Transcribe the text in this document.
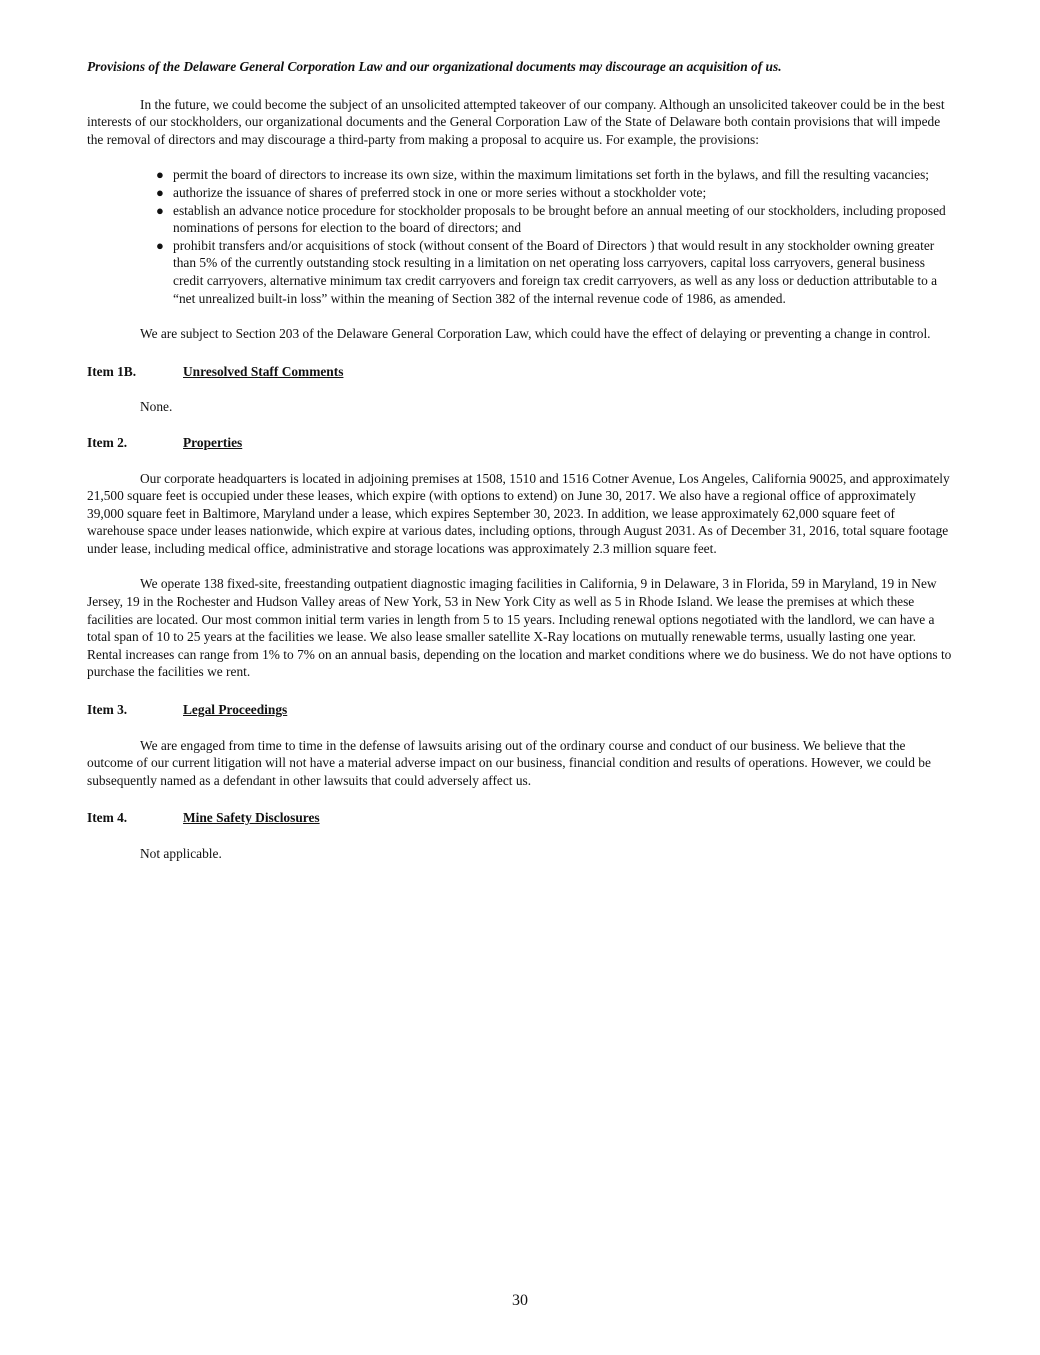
Provisions of the Delaware General Corporation Law and our organizational documents may discourage an acquisition of us.

In the future, we could become the subject of an unsolicited attempted takeover of our company. Although an unsolicited takeover could be in the best interests of our stockholders, our organizational documents and the General Corporation Law of the State of Delaware both contain provisions that will impede the removal of directors and may discourage a third-party from making a proposal to acquire us. For example, the provisions:

● permit the board of directors to increase its own size, within the maximum limitations set forth in the bylaws, and fill the resulting vacancies;
● authorize the issuance of shares of preferred stock in one or more series without a stockholder vote;
● establish an advance notice procedure for stockholder proposals to be brought before an annual meeting of our stockholders, including proposed nominations of persons for election to the board of directors; and
● prohibit transfers and/or acquisitions of stock (without consent of the Board of Directors ) that would result in any stockholder owning greater than 5% of the currently outstanding stock resulting in a limitation on net operating loss carryovers, capital loss carryovers, general business credit carryovers, alternative minimum tax credit carryovers and foreign tax credit carryovers, as well as any loss or deduction attributable to a “net unrealized built-in loss” within the meaning of Section 382 of the internal revenue code of 1986, as amended.

We are subject to Section 203 of the Delaware General Corporation Law, which could have the effect of delaying or preventing a change in control.

Item 1B.	Unresolved Staff Comments

None.

Item 2.	Properties

Our corporate headquarters is located in adjoining premises at 1508, 1510 and 1516 Cotner Avenue, Los Angeles, California 90025, and approximately 21,500 square feet is occupied under these leases, which expire (with options to extend) on June 30, 2017. We also have a regional office of approximately 39,000 square feet in Baltimore, Maryland under a lease, which expires September 30, 2023. In addition, we lease approximately 62,000 square feet of warehouse space under leases nationwide, which expire at various dates, including options, through August 2031. As of December 31, 2016, total square footage under lease, including medical office, administrative and storage locations was approximately 2.3 million square feet.

We operate 138 fixed-site, freestanding outpatient diagnostic imaging facilities in California, 9 in Delaware, 3 in Florida, 59 in Maryland, 19 in New Jersey, 19 in the Rochester and Hudson Valley areas of New York, 53 in New York City as well as 5 in Rhode Island. We lease the premises at which these facilities are located. Our most common initial term varies in length from 5 to 15 years. Including renewal options negotiated with the landlord, we can have a total span of 10 to 25 years at the facilities we lease. We also lease smaller satellite X-Ray locations on mutually renewable terms, usually lasting one year. Rental increases can range from 1% to 7% on an annual basis, depending on the location and market conditions where we do business. We do not have options to purchase the facilities we rent.

Item 3.	Legal Proceedings

We are engaged from time to time in the defense of lawsuits arising out of the ordinary course and conduct of our business. We believe that the outcome of our current litigation will not have a material adverse impact on our business, financial condition and results of operations. However, we could be subsequently named as a defendant in other lawsuits that could adversely affect us.

Item 4.	Mine Safety Disclosures

Not applicable.

30
